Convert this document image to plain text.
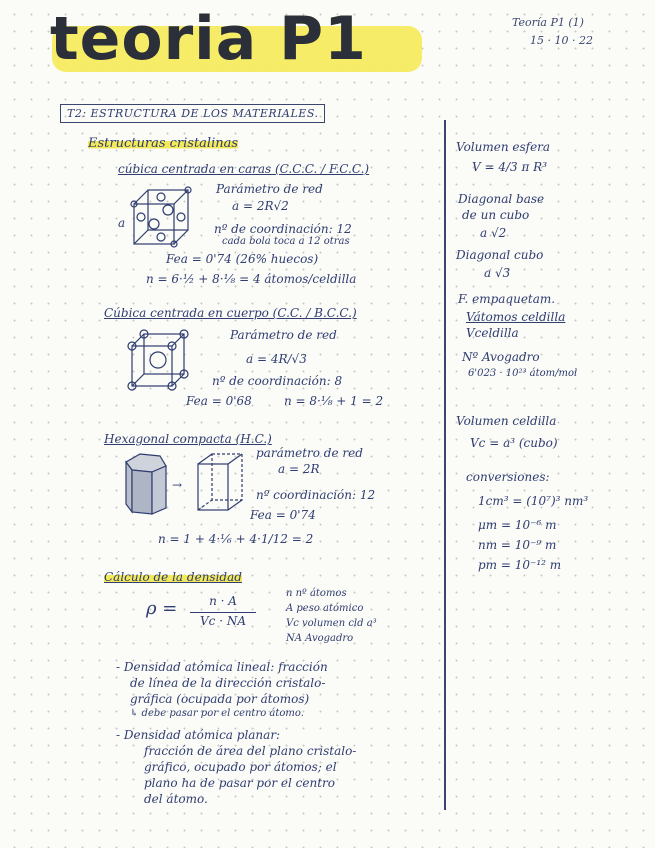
teoria P1	Teoría P1 (1)
15 · 10 · 22
T2: ESTRUCTURA DE LOS MATERIALES.
Estructuras cristalinas
cúbica centrada en caras (C.C.C. / F.C.C.)
a
Parámetro de red
a = 2R√2
nº de coordinación: 12
cada bola toca a 12 otras
Fea = 0'74 (26% huecos)
n = 6·½ + 8·⅛ = 4 átomos/celdilla
Cúbica centrada en cuerpo (C.C. / B.C.C.)
Parámetro de red
a = 4R/√3
nº de coordinación: 8
Fea = 0'68	n = 8·⅛ + 1 = 2
Hexagonal compacta (H.C.)
→
parámetro de red
a = 2R
nº coordinación: 12
Fea = 0'74
n = 1 + 4·⅙ + 4·1/12 = 2
Cálculo de la densidad
ρ =	n · A
Vc · NA
n nº átomos
A peso atómico
Vc volumen cld a³
NA Avogadro
- Densidad atómica lineal: fracción
de línea de la dirección cristalo-
gráfica (ocupada por átomos)
↳ debe pasar por el centro átomo.
- Densidad atómica planar:
fracción de área del plano cristalo-
gráfico, ocupado por átomos; el
plano ha de pasar por el centro
del átomo.
Volumen esfera
V = 4/3 π R³
Diagonal base
de un cubo
a √2
Diagonal cubo
a √3
F. empaquetam.
Vátomos celdilla
Vceldilla
Nº Avogadro
6'023 · 10²³ átom/mol
Volumen celdilla
Vc = a³ (cubo)
conversiones:
1cm³ = (10⁷)³ nm³
μm = 10⁻⁶ m
nm = 10⁻⁹ m
pm = 10⁻¹² m
